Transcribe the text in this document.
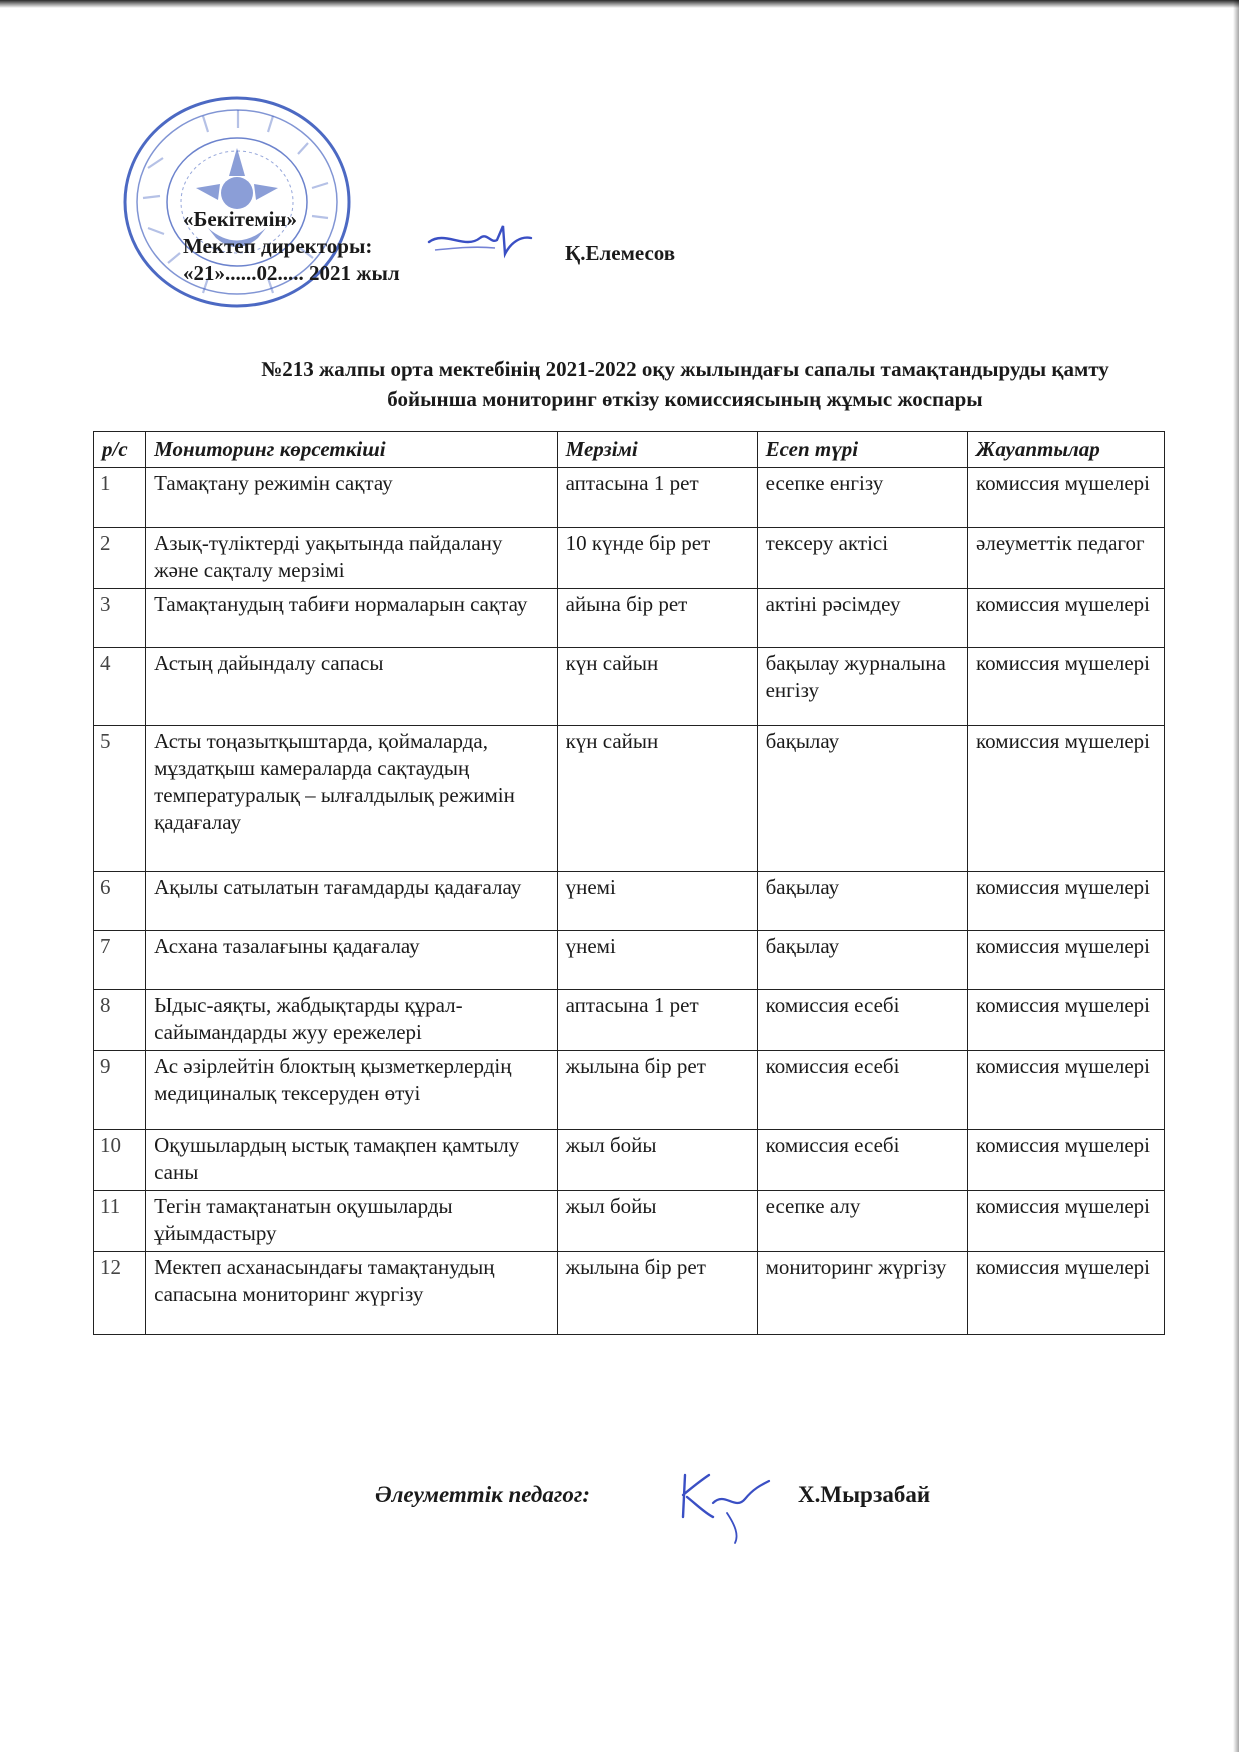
«Бекітемін»
Мектеп директоры:
«21»......02..... 2021 жыл
Қ.Елемесов
№213 жалпы орта мектебінің 2021-2022 оқу жылындағы сапалы тамақтандыруды қамту
бойынша мониторинг өткізу комиссиясының жұмыс жоспары
р/с	Мониторинг көрсеткіші	Мерзімі	Есеп түрі	Жауаптылар
1	Тамақтану режимін сақтау	аптасына 1 рет	есепке енгізу	комиссия мүшелері
2	Азық-түліктерді уақытында пайдалану және сақталу мерзімі	10 күнде бір рет	тексеру актісі	әлеуметтік педагог
3	Тамақтанудың табиғи нормаларын сақтау	айына бір рет	актіні рәсімдеу	комиссия мүшелері
4	Астың дайындалу сапасы	күн сайын	бақылау журналына енгізу	комиссия мүшелері
5	Асты тоңазытқыштарда, қоймаларда, мұздатқыш камераларда сақтаудың температуралық – ылғалдылық режимін қадағалау	күн сайын	бақылау	комиссия мүшелері
6	Ақылы сатылатын тағамдарды қадағалау	үнемі	бақылау	комиссия мүшелері
7	Асхана тазалағыны қадағалау	үнемі	бақылау	комиссия мүшелері
8	Ыдыс-аяқты, жабдықтарды құрал-сайымандарды жуу ережелері	аптасына 1 рет	комиссия есебі	комиссия мүшелері
9	Ас әзірлейтін блоктың қызметкерлердің медициналық тексеруден өтуі	жылына бір рет	комиссия есебі	комиссия мүшелері
10	Оқушылардың ыстық тамақпен қамтылу саны	жыл бойы	комиссия есебі	комиссия мүшелері
11	Тегін тамақтанатын оқушыларды ұйымдастыру	жыл бойы	есепке алу	комиссия мүшелері
12	Мектеп асханасындағы тамақтанудың сапасына мониторинг жүргізу	жылына бір рет	мониторинг жүргізу	комиссия мүшелері
Әлеуметтік педагог:	Х.Мырзабай
